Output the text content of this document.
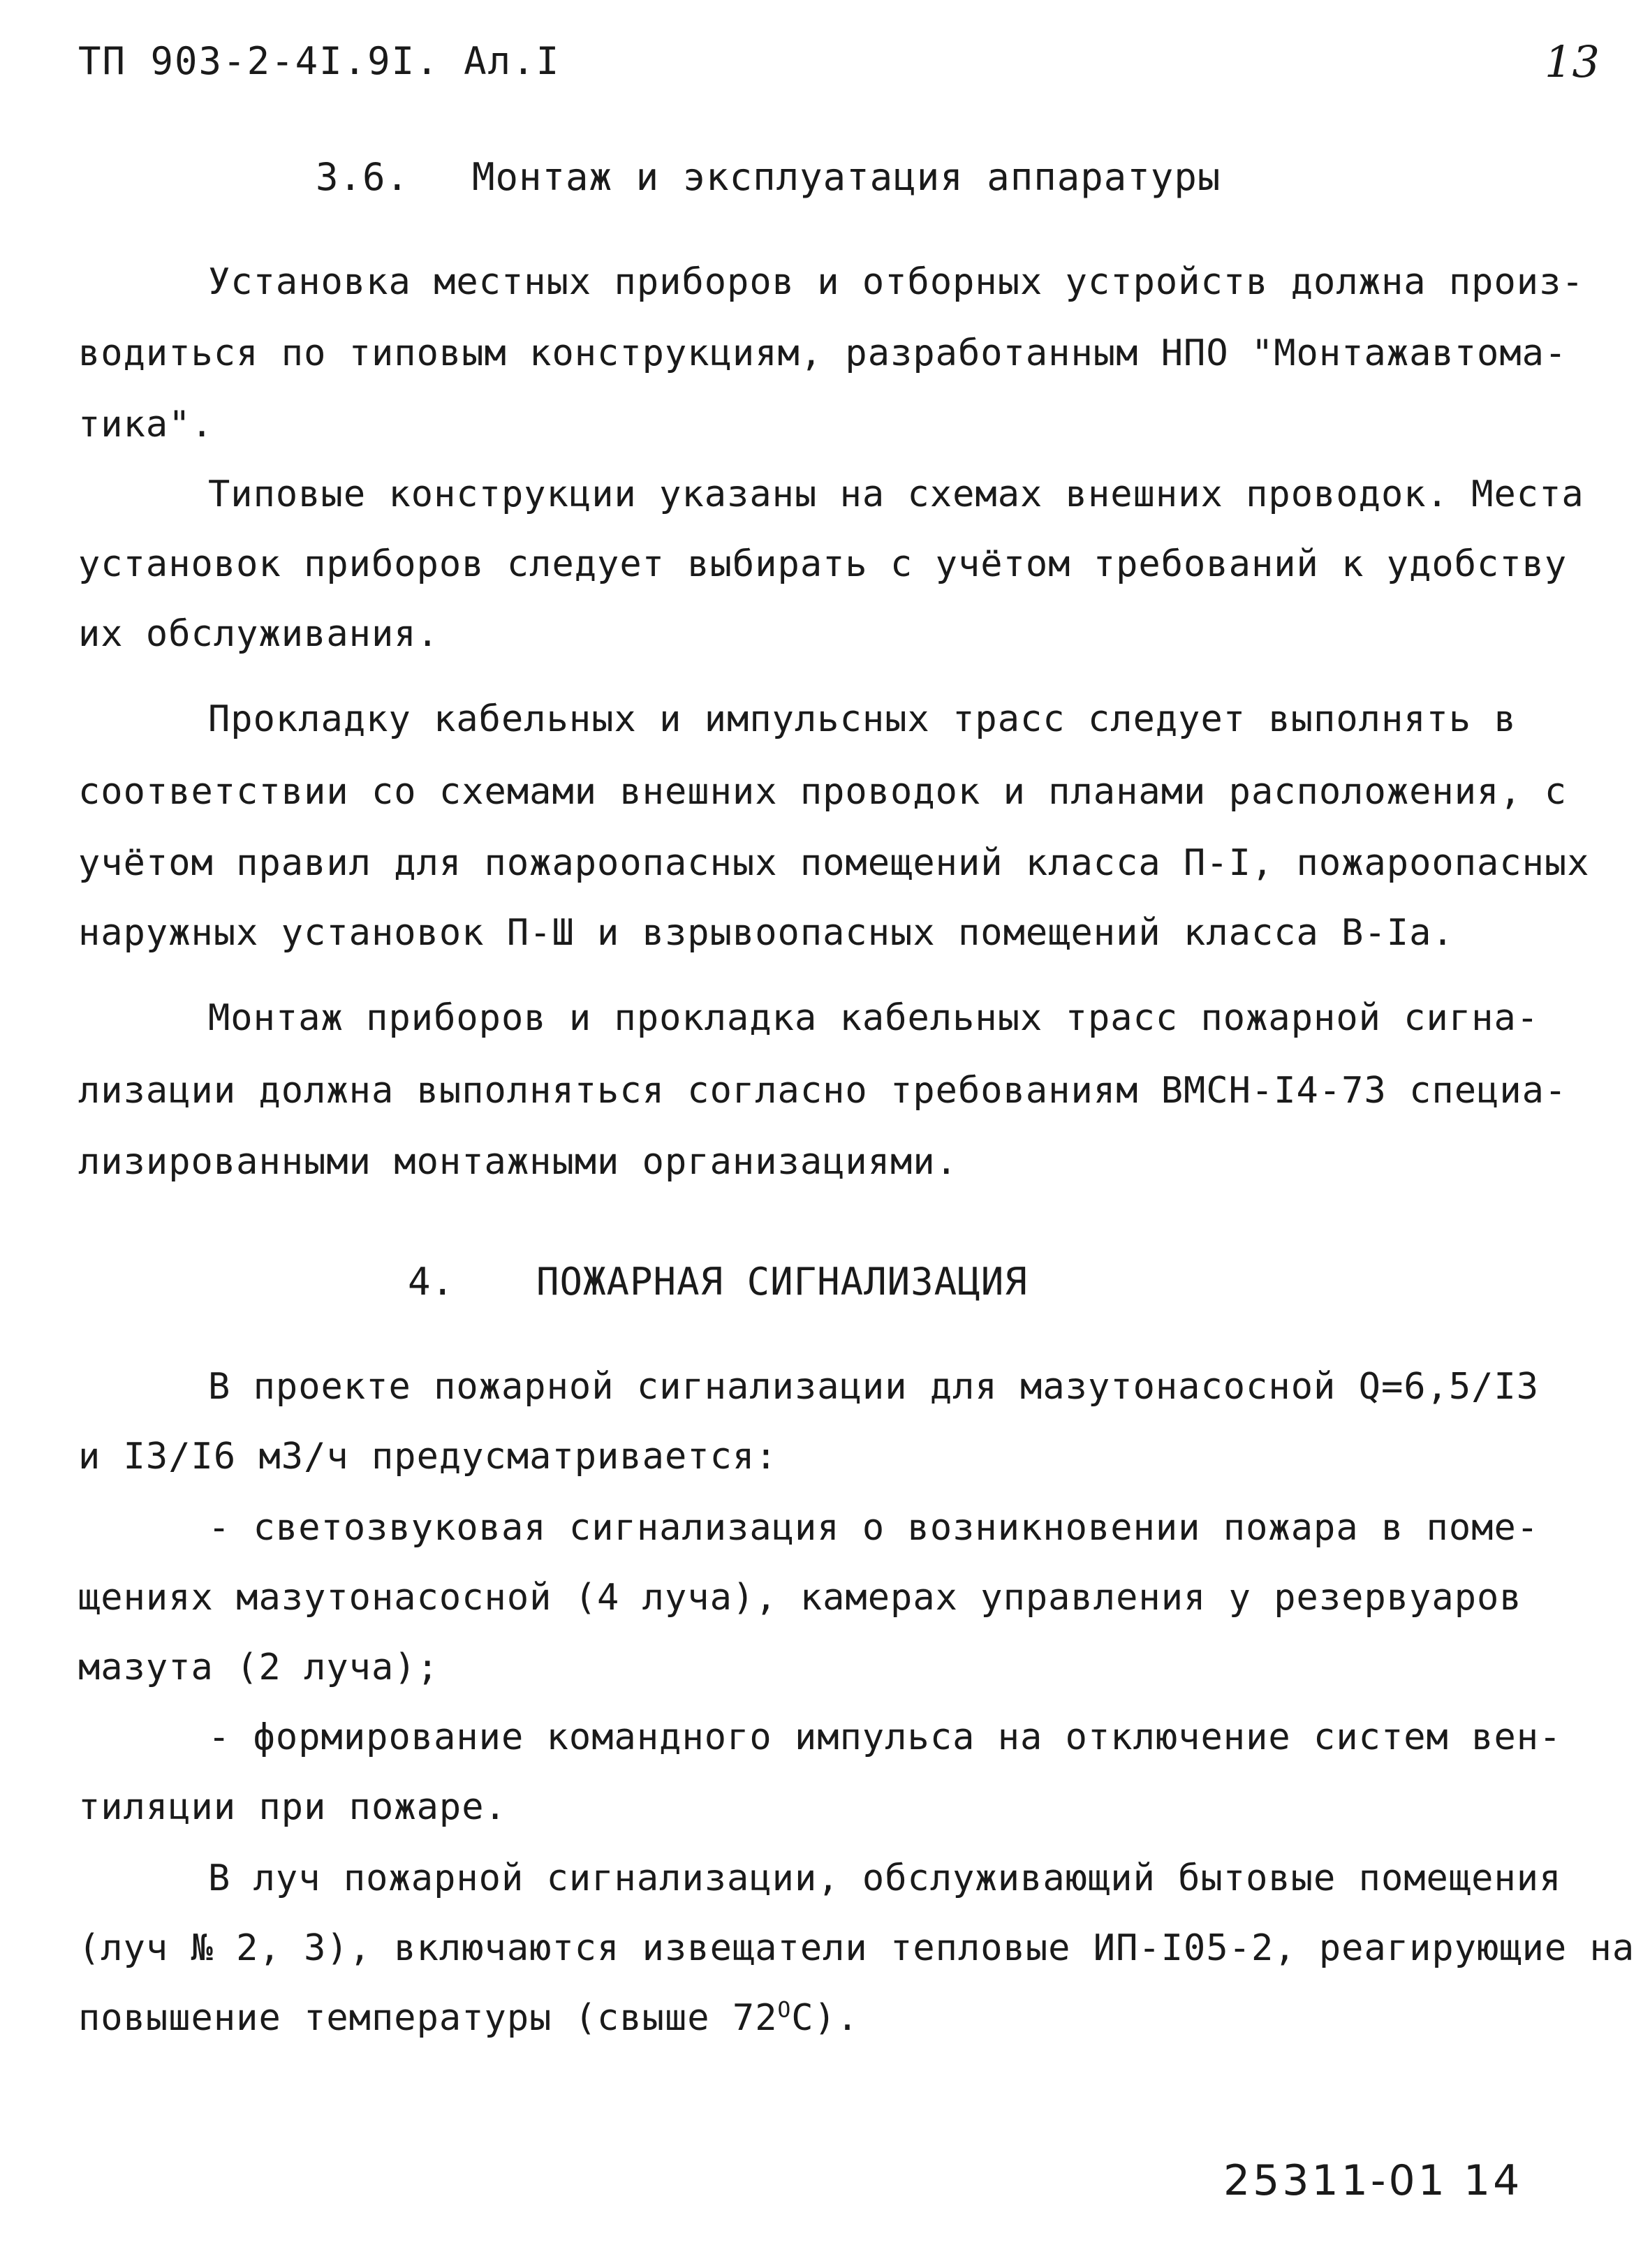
ТП 903-2-4I.9I. Ал.I	13
3.6. Монтаж и эксплуатация аппаратуры
Установка местных приборов и отборных устройств должна произ-
водиться по типовым конструкциям, разработанным НПО "Монтажавтома-
тика".
Типовые конструкции указаны на схемах внешних проводок. Места
установок приборов следует выбирать с учётом требований к удобству
их обслуживания.
Прокладку кабельных и импульсных трасс следует выполнять в
соответствии со схемами внешних проводок и планами расположения, с
учётом правил для пожароопасных помещений класса П-I, пожароопасных
наружных установок П-Ш и взрывоопасных помещений класса В-Iа.
Монтаж приборов и прокладка кабельных трасс пожарной сигна-
лизации должна выполняться согласно требованиям ВМСН-I4-73 специа-
лизированными монтажными организациями.
4. ПОЖАРНАЯ СИГНАЛИЗАЦИЯ
В проекте пожарной сигнализации для мазутонасосной Q=6,5/I3
и I3/I6 м3/ч предусматривается:
- светозвуковая сигнализация о возникновении пожара в поме-
щениях мазутонасосной (4 луча), камерах управления у резервуаров
мазута (2 луча);
- формирование командного импульса на отключение систем вен-
тиляции при пожаре.
В луч пожарной сигнализации, обслуживающий бытовые помещения
(луч № 2, 3), включаются извещатели тепловые ИП-I05-2, реагирующие на
повышение температуры (свыше $72^ОС$).
25311-01 14
